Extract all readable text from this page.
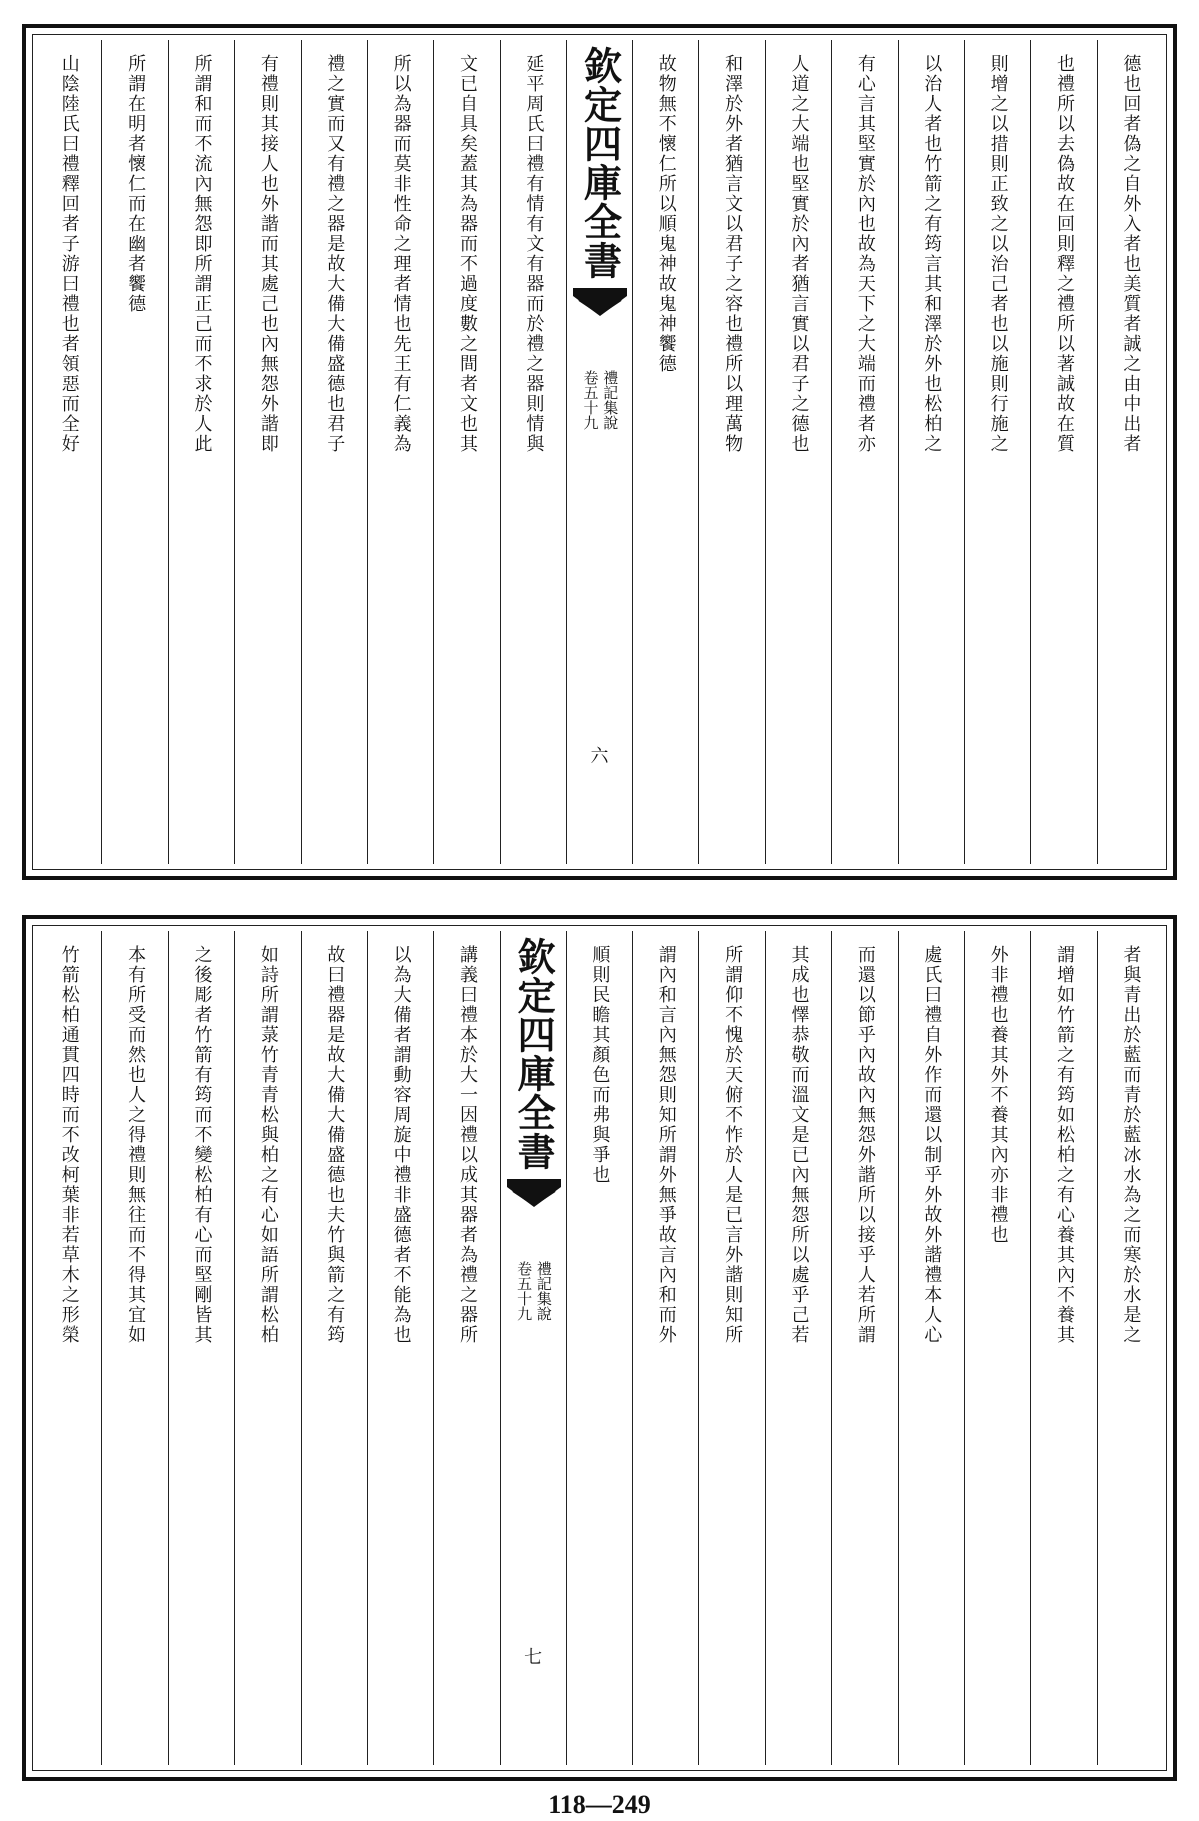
德也回者偽之自外入者也美質者誠之由中出者
也禮所以去偽故在回則釋之禮所以著誠故在質
則增之以措則正致之以治己者也以施則行施之
以治人者也竹箭之有筠言其和澤於外也松柏之
有心言其堅實於內也故為天下之大端而禮者亦
人道之大端也堅實於內者猶言實以君子之德也
和澤於外者猶言文以君子之容也禮所以理萬物
故物無不懷仁所以順鬼神故鬼神饗德
欽定四庫全書
禮記集說
卷五十九
六
延平周氏曰禮有情有文有器而於禮之器則情與
文已自具矣蓋其為器而不過度數之間者文也其
所以為器而莫非性命之理者情也先王有仁義為
禮之實而又有禮之器是故大備大備盛德也君子
有禮則其接人也外諧而其處己也內無怨外諧即
所謂和而不流內無怨即所謂正己而不求於人此
所謂在明者懷仁而在幽者饗德
山陰陸氏曰禮釋回者子游曰禮也者領惡而全好
者與青出於藍而青於藍冰水為之而寒於水是之
謂增如竹箭之有筠如松柏之有心養其內不養其
外非禮也養其外不養其內亦非禮也
處氏曰禮自外作而還以制乎外故外諧禮本人心
而還以節乎內故內無怨外諧所以接乎人若所謂
其成也懌恭敬而溫文是已內無怨所以處乎己若
所謂仰不愧於天俯不怍於人是已言外諧則知所
謂內和言內無怨則知所謂外無爭故言內和而外
順則民瞻其顏色而弗與爭也
欽定四庫全書
禮記集說
卷五十九
七
講義曰禮本於大一因禮以成其器者為禮之器所
以為大備者謂動容周旋中禮非盛德者不能為也
故曰禮器是故大備大備盛德也夫竹與箭之有筠
如詩所謂菉竹青青松與柏之有心如語所謂松柏
之後彫者竹箭有筠而不變松柏有心而堅剛皆其
本有所受而然也人之得禮則無往而不得其宜如
竹箭松柏通貫四時而不改柯葉非若草木之形榮
118—249
